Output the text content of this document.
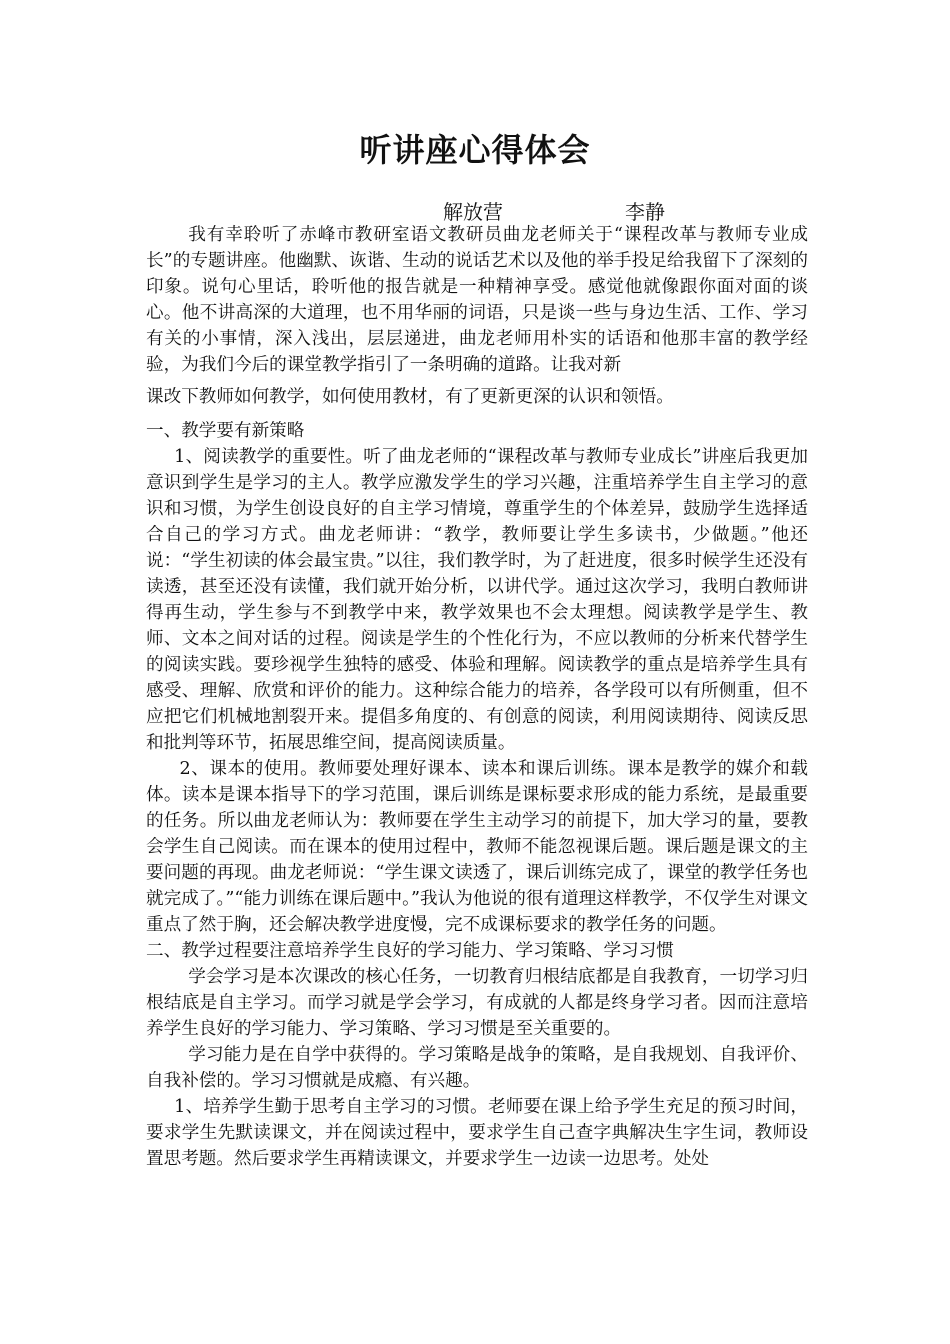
听讲座心得体会
解放营	李静

我有幸聆听了赤峰市教研室语文教研员曲龙老师关于“课程改革与教师专业成长”的专题讲座。他幽默、诙谐、生动的说话艺术以及他的举手投足给我留下了深刻的印象。说句心里话，聆听他的报告就是一种精神享受。感觉他就像跟你面对面的谈心。他不讲高深的大道理，也不用华丽的词语，只是谈一些与身边生活、工作、学习有关的小事情，深入浅出，层层递进，曲龙老师用朴实的话语和他那丰富的教学经验，为我们今后的课堂教学指引了一条明确的道路。让我对新

课改下教师如何教学，如何使用教材，有了更新更深的认识和领悟。

一、教学要有新策略

1、阅读教学的重要性。听了曲龙老师的“课程改革与教师专业成长”讲座后我更加意识到学生是学习的主人。教学应激发学生的学习兴趣，注重培养学生自主学习的意识和习惯，为学生创设良好的自主学习情境，尊重学生的个体差异，鼓励学生选择适合自己的学习方式。曲龙老师讲：“教学，教师要让学生多读书，少做题。”他还说：“学生初读的体会最宝贵。”以往，我们教学时，为了赶进度，很多时候学生还没有读透，甚至还没有读懂，我们就开始分析，以讲代学。通过这次学习，我明白教师讲得再生动，学生参与不到教学中来，教学效果也不会太理想。阅读教学是学生、教师、文本之间对话的过程。阅读是学生的个性化行为，不应以教师的分析来代替学生的阅读实践。要珍视学生独特的感受、体验和理解。阅读教学的重点是培养学生具有感受、理解、欣赏和评价的能力。这种综合能力的培养，各学段可以有所侧重，但不应把它们机械地割裂开来。提倡多角度的、有创意的阅读，利用阅读期待、阅读反思和批判等环节，拓展思维空间，提高阅读质量。

2、课本的使用。教师要处理好课本、读本和课后训练。课本是教学的媒介和载体。读本是课本指导下的学习范围，课后训练是课标要求形成的能力系统，是最重要的任务。所以曲龙老师认为：教师要在学生主动学习的前提下，加大学习的量，要教会学生自己阅读。而在课本的使用过程中，教师不能忽视课后题。课后题是课文的主要问题的再现。曲龙老师说：“学生课文读透了，课后训练完成了，课堂的教学任务也就完成了。”“能力训练在课后题中。”我认为他说的很有道理这样教学，不仅学生对课文重点了然于胸，还会解决教学进度慢，完不成课标要求的教学任务的问题。

二、教学过程要注意培养学生良好的学习能力、学习策略、学习习惯

学会学习是本次课改的核心任务，一切教育归根结底都是自我教育，一切学习归根结底是自主学习。而学习就是学会学习，有成就的人都是终身学习者。因而注意培养学生良好的学习能力、学习策略、学习习惯是至关重要的。

学习能力是在自学中获得的。学习策略是战争的策略，是自我规划、自我评价、自我补偿的。学习习惯就是成瘾、有兴趣。

1、培养学生勤于思考自主学习的习惯。老师要在课上给予学生充足的预习时间，要求学生先默读课文，并在阅读过程中，要求学生自己查字典解决生字生词，教师设置思考题。然后要求学生再精读课文，并要求学生一边读一边思考。处处
